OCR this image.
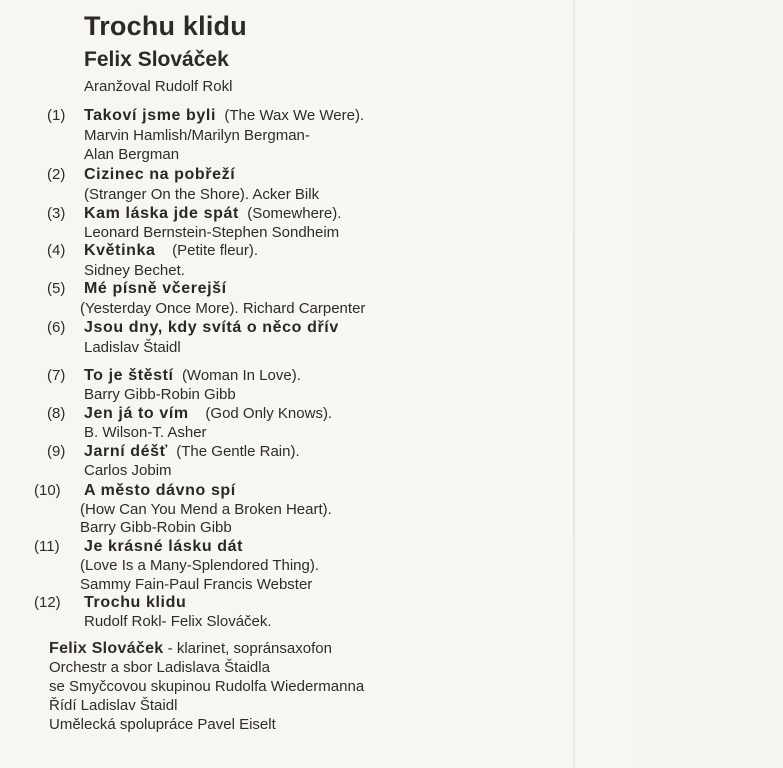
Trochu klidu
Felix Slováček
Aranžoval Rudolf Rokl
(1) Takoví jsme byli (The Wax We Were).
Marvin Hamlish/Marilyn Bergman-
Alan Bergman
(2) Cizinec na pobřeží
(Stranger On the Shore). Acker Bilk
(3) Kam láska jde spát (Somewhere).
Leonard Bernstein-Stephen Sondheim
(4) Květinka (Petite fleur).
Sidney Bechet.
(5) Mé písně včerejší
(Yesterday Once More). Richard Carpenter
(6) Jsou dny, kdy svítá o něco dřív
Ladislav Štaidl
(7) To je štěstí (Woman In Love).
Barry Gibb-Robin Gibb
(8) Jen já to vím (God Only Knows).
B. Wilson-T. Asher
(9) Jarní déšť (The Gentle Rain).
Carlos Jobim
(10) A město dávno spí
(How Can You Mend a Broken Heart).
Barry Gibb-Robin Gibb
(11) Je krásné lásku dát
(Love Is a Many-Splendored Thing).
Sammy Fain-Paul Francis Webster
(12) Trochu klidu
Rudolf Rokl- Felix Slováček.
Felix Slováček - klarinet, sopránsaxofon
Orchestr a sbor Ladislava Štaidla
se Smyčcovou skupinou Rudolfa Wiedermanna
Řídí Ladislav Štaidl
Umělecká spolupráce Pavel Eiselt
